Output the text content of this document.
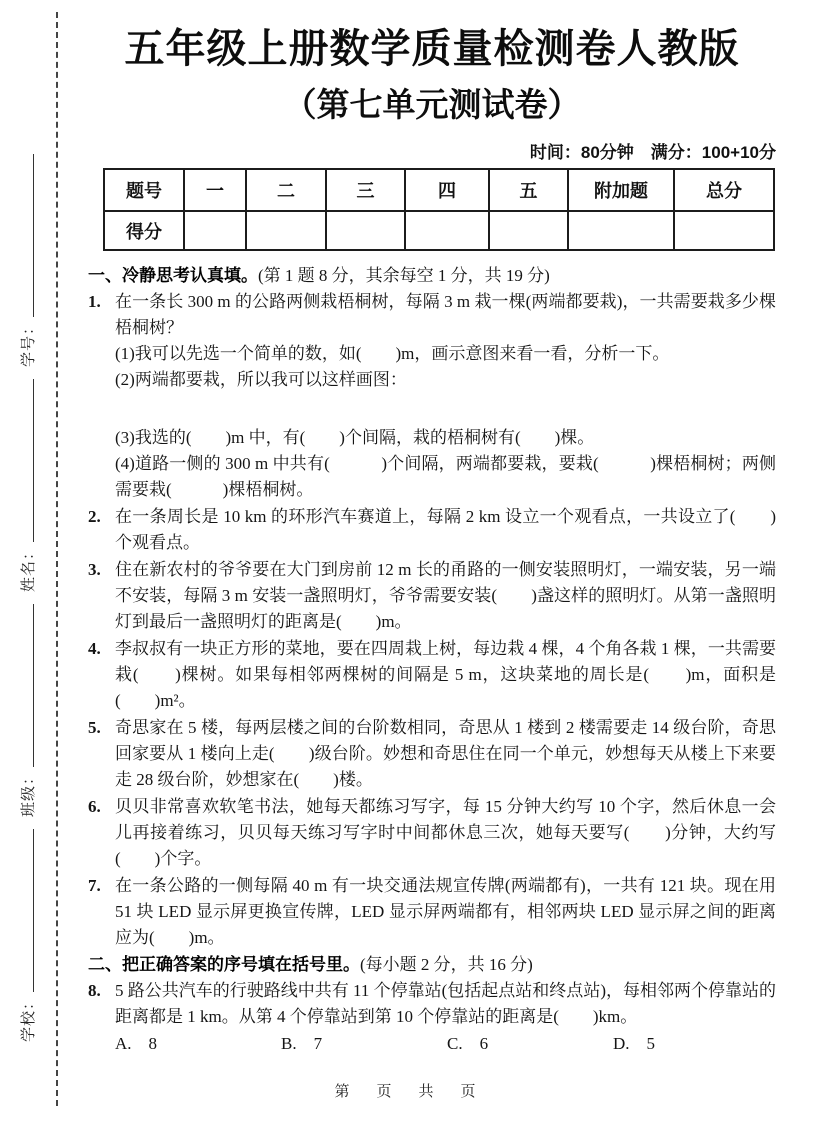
学校：
班级：
姓名：
学号：
五年级上册数学质量检测卷人教版
（第七单元测试卷）
时间：80分钟　满分：100+10分
题号	一	二	三	四	五	附加题	总分
得分							
一、冷静思考认真填。(第 1 题 8 分，其余每空 1 分，共 19 分)
1. 在一条长 300 m 的公路两侧栽梧桐树，每隔 3 m 栽一棵(两端都要栽)，一共需要栽多少棵梧桐树？
(1)我可以先选一个简单的数，如(　　)m，画示意图来看一看，分析一下。
(2)两端都要栽，所以我可以这样画图：
(3)我选的(　　)m 中，有(　　)个间隔，栽的梧桐树有(　　)棵。
(4)道路一侧的 300 m 中共有(　　　)个间隔，两端都要栽，要栽(　　　)棵梧桐树；两侧需要栽(　　　)棵梧桐树。
2. 在一条周长是 10 km 的环形汽车赛道上，每隔 2 km 设立一个观看点，一共设立了(　　)个观看点。
3. 住在新农村的爷爷要在大门到房前 12 m 长的甬路的一侧安装照明灯，一端安装，另一端不安装，每隔 3 m 安装一盏照明灯，爷爷需要安装(　　)盏这样的照明灯。从第一盏照明灯到最后一盏照明灯的距离是(　　)m。
4. 李叔叔有一块正方形的菜地，要在四周栽上树，每边栽 4 棵，4 个角各栽 1 棵，一共需要栽(　　)棵树。如果每相邻两棵树的间隔是 5 m，这块菜地的周长是(　　)m，面积是(　　)m²。
5. 奇思家在 5 楼，每两层楼之间的台阶数相同，奇思从 1 楼到 2 楼需要走 14 级台阶，奇思回家要从 1 楼向上走(　　)级台阶。妙想和奇思住在同一个单元，妙想每天从楼上下来要走 28 级台阶，妙想家在(　　)楼。
6. 贝贝非常喜欢软笔书法，她每天都练习写字，每 15 分钟大约写 10 个字，然后休息一会儿再接着练习，贝贝每天练习写字时中间都休息三次，她每天要写(　　)分钟，大约写(　　)个字。
7. 在一条公路的一侧每隔 40 m 有一块交通法规宣传牌(两端都有)，一共有 121 块。现在用 51 块 LED 显示屏更换宣传牌，LED 显示屏两端都有，相邻两块 LED 显示屏之间的距离应为(　　)m。
二、把正确答案的序号填在括号里。(每小题 2 分，共 16 分)
8. 5 路公共汽车的行驶路线中共有 11 个停靠站(包括起点站和终点站)，每相邻两个停靠站的距离都是 1 km。从第 4 个停靠站到第 10 个停靠站的距离是(　　)km。
A.　8	B.　7	C.　6	D.　5
第　页　共　页
